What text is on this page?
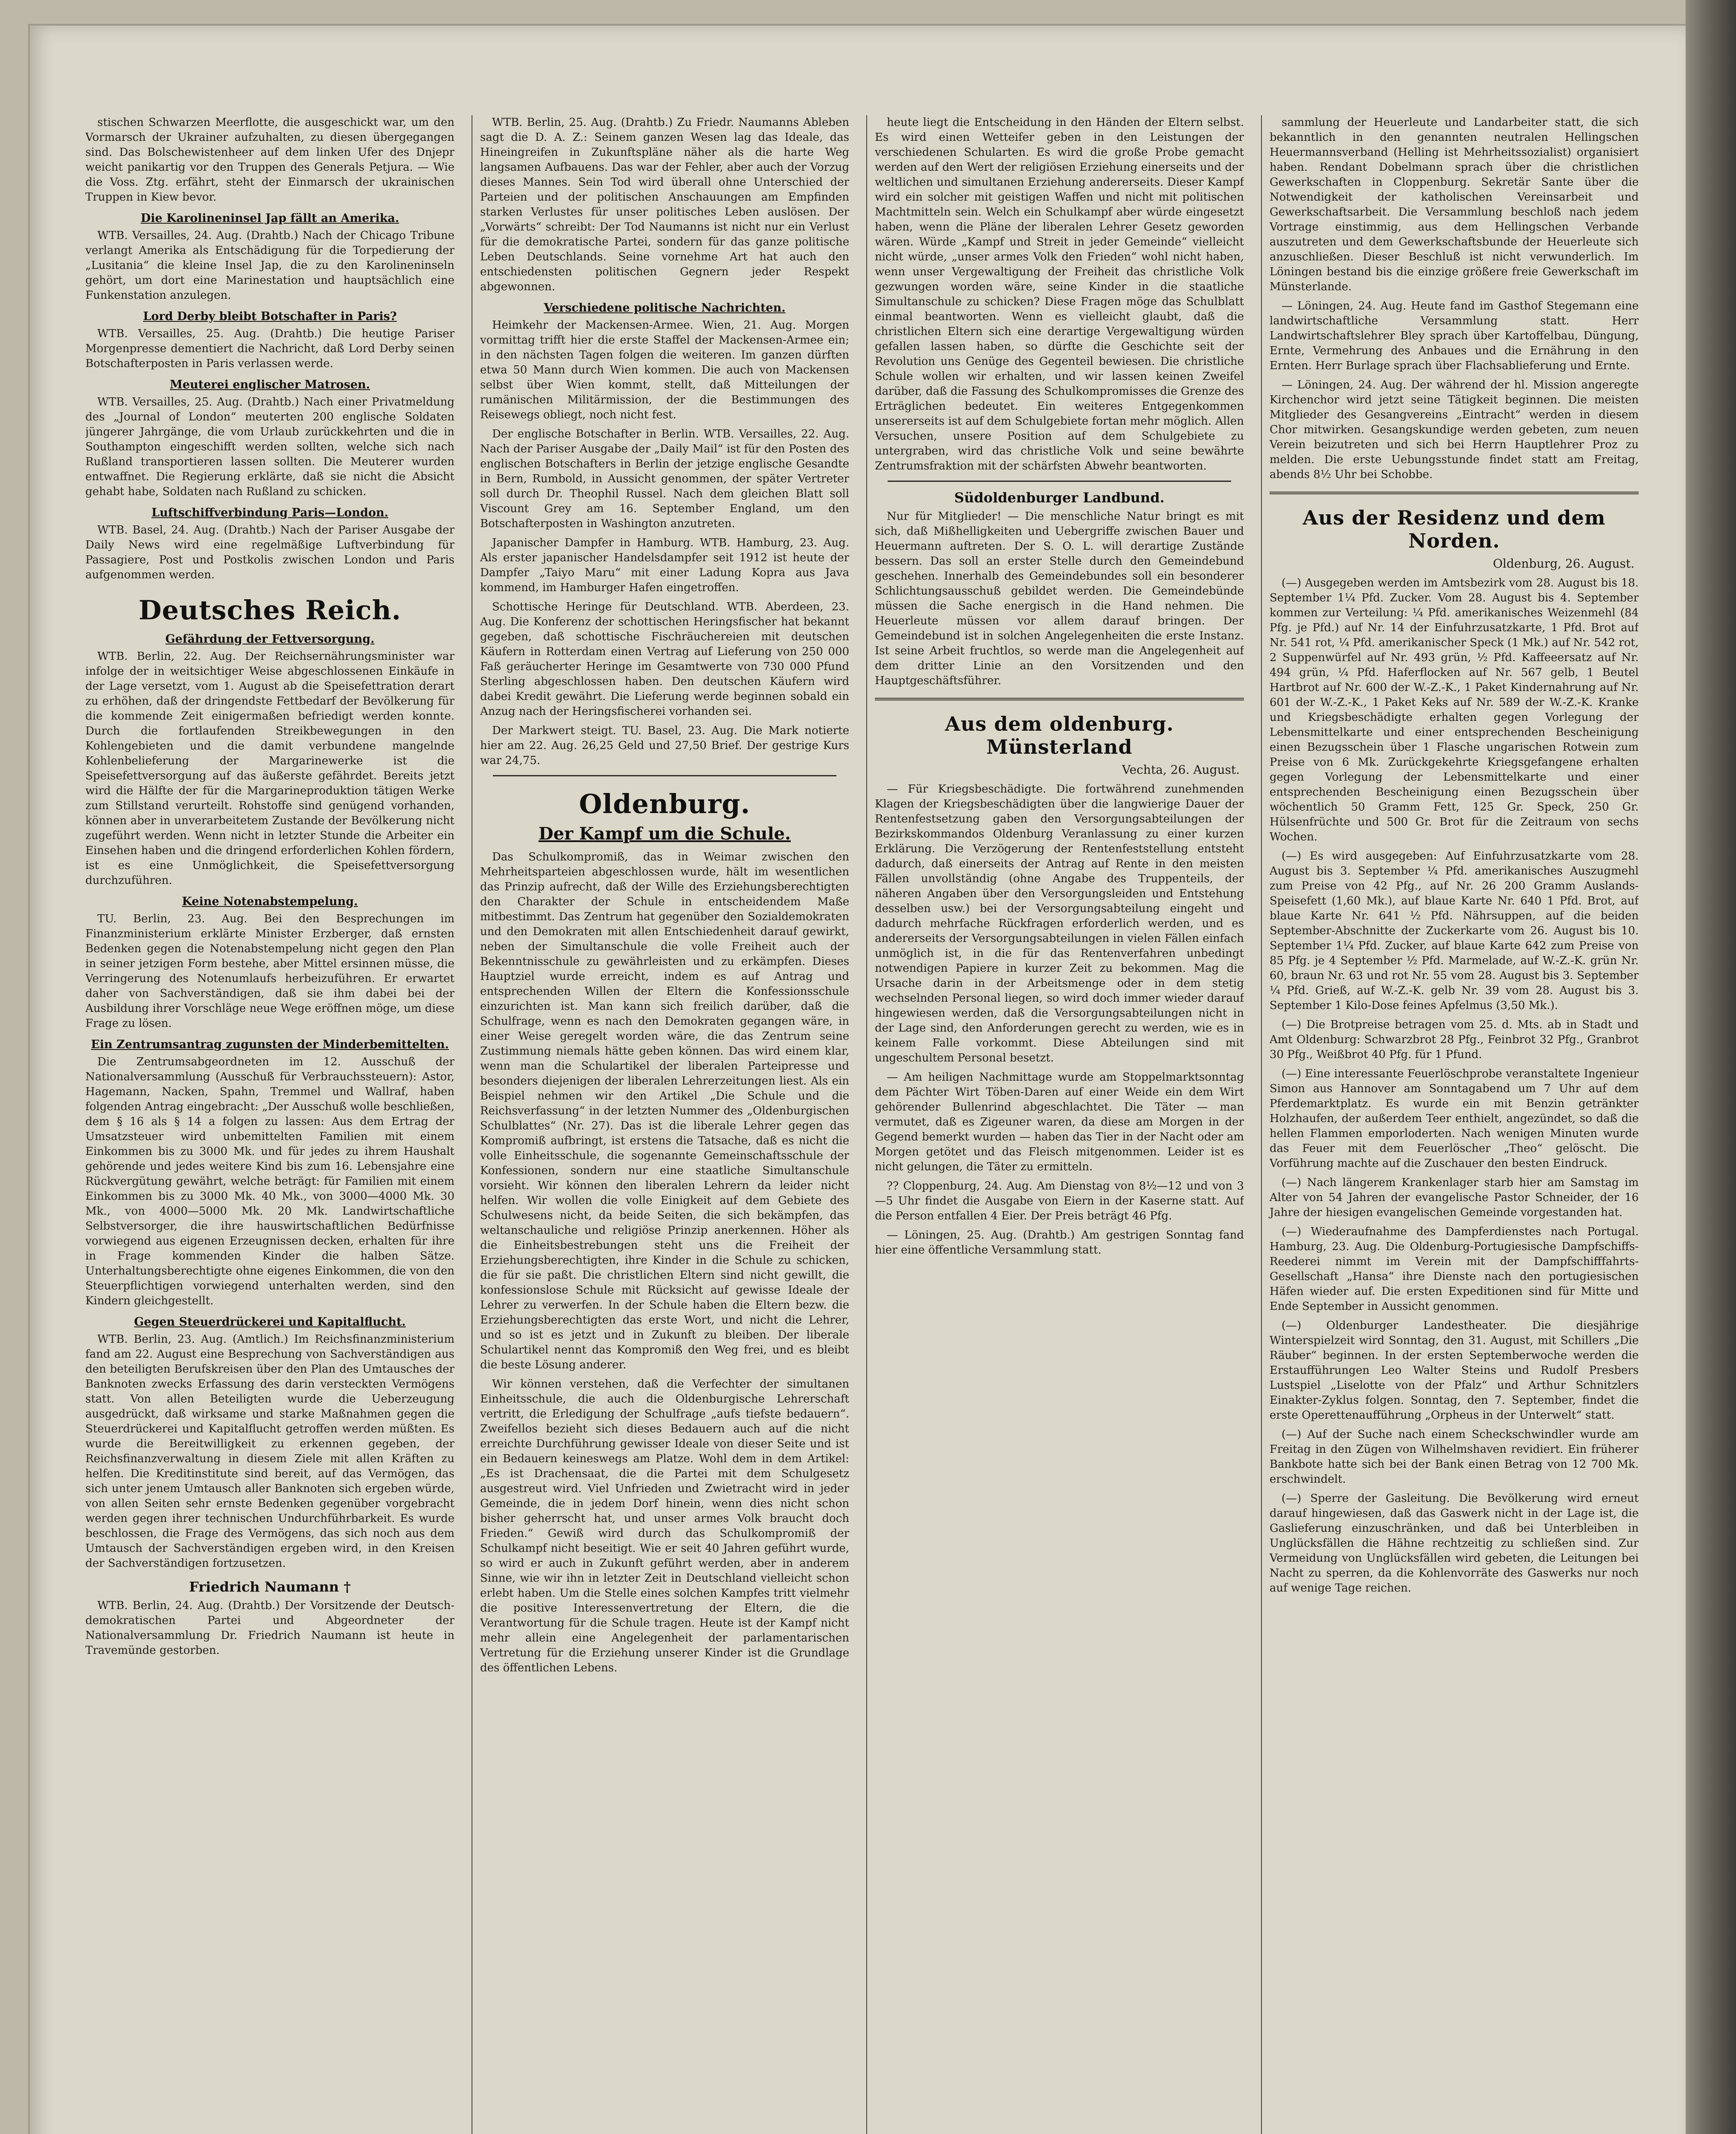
stischen Schwarzen Meerflotte, die ausgeschickt war, um den Vormarsch der Ukrainer aufzuhalten, zu diesen übergegangen sind. Das Bolschewistenheer auf dem linken Ufer des Dnjepr weicht panikartig vor den Truppen des Generals Petjura. — Wie die Voss. Ztg. erfährt, steht der Einmarsch der ukrainischen Truppen in Kiew bevor.

Die Karolineninsel Jap fällt an Amerika.

WTB. Versailles, 24. Aug. (Drahtb.) Nach der Chicago Tribune verlangt Amerika als Entschädigung für die Torpedierung der „Lusitania“ die kleine Insel Jap, die zu den Karolineninseln gehört, um dort eine Marinestation und hauptsächlich eine Funkenstation anzulegen.

Lord Derby bleibt Botschafter in Paris?

WTB. Versailles, 25. Aug. (Drahtb.) Die heutige Pariser Morgenpresse dementiert die Nachricht, daß Lord Derby seinen Botschafterposten in Paris verlassen werde.

Meuterei englischer Matrosen.

WTB. Versailles, 25. Aug. (Drahtb.) Nach einer Privatmeldung des „Journal of London“ meuterten 200 englische Soldaten jüngerer Jahrgänge, die vom Urlaub zurückkehrten und die in Southampton eingeschifft werden sollten, welche sich nach Rußland transportieren lassen sollten. Die Meuterer wurden entwaffnet. Die Regierung erklärte, daß sie nicht die Absicht gehabt habe, Soldaten nach Rußland zu schicken.

Luftschiffverbindung Paris—London.

WTB. Basel, 24. Aug. (Drahtb.) Nach der Pariser Ausgabe der Daily News wird eine regelmäßige Luftverbindung für Passagiere, Post und Postkolis zwischen London und Paris aufgenommen werden.

Deutsches Reich.
Gefährdung der Fettversorgung.

WTB. Berlin, 22. Aug. Der Reichsernährungsminister war infolge der in weitsichtiger Weise abgeschlossenen Einkäufe in der Lage versetzt, vom 1. August ab die Speisefettration derart zu erhöhen, daß der dringendste Fettbedarf der Bevölkerung für die kommende Zeit einigermaßen befriedigt werden konnte. Durch die fortlaufenden Streikbewegungen in den Kohlengebieten und die damit verbundene mangelnde Kohlenbelieferung der Margarinewerke ist die Speisefettversorgung auf das äußerste gefährdet. Bereits jetzt wird die Hälfte der für die Margarineproduktion tätigen Werke zum Stillstand verurteilt. Rohstoffe sind genügend vorhanden, können aber in unverarbeitetem Zustande der Bevölkerung nicht zugeführt werden. Wenn nicht in letzter Stunde die Arbeiter ein Einsehen haben und die dringend erforderlichen Kohlen fördern, ist es eine Unmöglichkeit, die Speisefettversorgung durchzuführen.

Keine Notenabstempelung.

TU. Berlin, 23. Aug. Bei den Besprechungen im Finanzministerium erklärte Minister Erzberger, daß ernsten Bedenken gegen die Notenabstempelung nicht gegen den Plan in seiner jetzigen Form bestehe, aber Mittel ersinnen müsse, die Verringerung des Notenumlaufs herbeizuführen. Er erwartet daher von Sachverständigen, daß sie ihm dabei bei der Ausbildung ihrer Vorschläge neue Wege eröffnen möge, um diese Frage zu lösen.

Ein Zentrumsantrag zugunsten der Minderbemittelten.

Die Zentrumsabgeordneten im 12. Ausschuß der Nationalversammlung (Ausschuß für Verbrauchssteuern): Astor, Hagemann, Nacken, Spahn, Tremmel und Wallraf, haben folgenden Antrag eingebracht: „Der Ausschuß wolle beschließen, dem § 16 als § 14 a folgen zu lassen: Aus dem Ertrag der Umsatzsteuer wird unbemittelten Familien mit einem Einkommen bis zu 3000 Mk. und für jedes zu ihrem Haushalt gehörende und jedes weitere Kind bis zum 16. Lebensjahre eine Rückvergütung gewährt, welche beträgt: für Familien mit einem Einkommen bis zu 3000 Mk. 40 Mk., von 3000—4000 Mk. 30 Mk., von 4000—5000 Mk. 20 Mk. Landwirtschaftliche Selbstversorger, die ihre hauswirtschaftlichen Bedürfnisse vorwiegend aus eigenen Erzeugnissen decken, erhalten für ihre in Frage kommenden Kinder die halben Sätze. Unterhaltungsberechtigte ohne eigenes Einkommen, die von den Steuerpflichtigen vorwiegend unterhalten werden, sind den Kindern gleichgestellt.

Gegen Steuerdrückerei und Kapitalflucht.

WTB. Berlin, 23. Aug. (Amtlich.) Im Reichsfinanzministerium fand am 22. August eine Besprechung von Sachverständigen aus den beteiligten Berufskreisen über den Plan des Umtausches der Banknoten zwecks Erfassung des darin versteckten Vermögens statt. Von allen Beteiligten wurde die Ueberzeugung ausgedrückt, daß wirksame und starke Maßnahmen gegen die Steuerdrückerei und Kapitalflucht getroffen werden müßten. Es wurde die Bereitwilligkeit zu erkennen gegeben, der Reichsfinanzverwaltung in diesem Ziele mit allen Kräften zu helfen. Die Kreditinstitute sind bereit, auf das Vermögen, das sich unter jenem Umtausch aller Banknoten sich ergeben würde, von allen Seiten sehr ernste Bedenken gegenüber vorgebracht werden gegen ihrer technischen Undurchführbarkeit. Es wurde beschlossen, die Frage des Vermögens, das sich noch aus dem Umtausch der Sachverständigen ergeben wird, in den Kreisen der Sachverständigen fortzusetzen.

Friedrich Naumann †

WTB. Berlin, 24. Aug. (Drahtb.) Der Vorsitzende der Deutsch-demokratischen Partei und Abgeordneter der Nationalversammlung Dr. Friedrich Naumann ist heute in Travemünde gestorben.

WTB. Berlin, 25. Aug. (Drahtb.) Zu Friedr. Naumanns Ableben sagt die D. A. Z.: Seinem ganzen Wesen lag das Ideale, das Hineingreifen in Zukunftspläne näher als die harte Weg langsamen Aufbauens. Das war der Fehler, aber auch der Vorzug dieses Mannes. Sein Tod wird überall ohne Unterschied der Parteien und der politischen Anschauungen am Empfinden starken Verlustes für unser politisches Leben auslösen. Der „Vorwärts“ schreibt: Der Tod Naumanns ist nicht nur ein Verlust für die demokratische Partei, sondern für das ganze politische Leben Deutschlands. Seine vornehme Art hat auch den entschiedensten politischen Gegnern jeder Respekt abgewonnen.

Verschiedene politische Nachrichten.

Heimkehr der Mackensen-Armee. Wien, 21. Aug. Morgen vormittag trifft hier die erste Staffel der Mackensen-Armee ein; in den nächsten Tagen folgen die weiteren. Im ganzen dürften etwa 50 Mann durch Wien kommen. Die auch von Mackensen selbst über Wien kommt, stellt, daß Mitteilungen der rumänischen Militärmission, der die Bestimmungen des Reisewegs obliegt, noch nicht fest.

Der englische Botschafter in Berlin. WTB. Versailles, 22. Aug. Nach der Pariser Ausgabe der „Daily Mail“ ist für den Posten des englischen Botschafters in Berlin der jetzige englische Gesandte in Bern, Rumbold, in Aussicht genommen, der später Vertreter soll durch Dr. Theophil Russel. Nach dem gleichen Blatt soll Viscount Grey am 16. September England, um den Botschafterposten in Washington anzutreten.

Japanischer Dampfer in Hamburg. WTB. Hamburg, 23. Aug. Als erster japanischer Handelsdampfer seit 1912 ist heute der Dampfer „Taiyo Maru“ mit einer Ladung Kopra aus Java kommend, im Hamburger Hafen eingetroffen.

Schottische Heringe für Deutschland. WTB. Aberdeen, 23. Aug. Die Konferenz der schottischen Heringsfischer hat bekannt gegeben, daß schottische Fischräuchereien mit deutschen Käufern in Rotterdam einen Vertrag auf Lieferung von 250 000 Faß geräucherter Heringe im Gesamtwerte von 730 000 Pfund Sterling abgeschlossen haben. Den deutschen Käufern wird dabei Kredit gewährt. Die Lieferung werde beginnen sobald ein Anzug nach der Heringsfischerei vorhanden sei.

Der Markwert steigt. TU. Basel, 23. Aug. Die Mark notierte hier am 22. Aug. 26,25 Geld und 27,50 Brief. Der gestrige Kurs war 24,75.

Oldenburg.
Der Kampf um die Schule.

Das Schulkompromiß, das in Weimar zwischen den Mehrheitsparteien abgeschlossen wurde, hält im wesentlichen das Prinzip aufrecht, daß der Wille des Erziehungsberechtigten den Charakter der Schule in entscheidendem Maße mitbestimmt. Das Zentrum hat gegenüber den Sozialdemokraten und den Demokraten mit allen Entschiedenheit darauf gewirkt, neben der Simultanschule die volle Freiheit auch der Bekenntnisschule zu gewährleisten und zu erkämpfen. Dieses Hauptziel wurde erreicht, indem es auf Antrag und entsprechenden Willen der Eltern die Konfessionsschule einzurichten ist. Man kann sich freilich darüber, daß die Schulfrage, wenn es nach den Demokraten gegangen wäre, in einer Weise geregelt worden wäre, die das Zentrum seine Zustimmung niemals hätte geben können. Das wird einem klar, wenn man die Schulartikel der liberalen Parteipresse und besonders diejenigen der liberalen Lehrerzeitungen liest. Als ein Beispiel nehmen wir den Artikel „Die Schule und die Reichsverfassung“ in der letzten Nummer des „Oldenburgischen Schulblattes“ (Nr. 27). Das ist die liberale Lehrer gegen das Kompromiß aufbringt, ist erstens die Tatsache, daß es nicht die volle Einheitsschule, die sogenannte Gemeinschaftsschule der Konfessionen, sondern nur eine staatliche Simultanschule vorsieht. Wir können den liberalen Lehrern da leider nicht helfen. Wir wollen die volle Einigkeit auf dem Gebiete des Schulwesens nicht, da beide Seiten, die sich bekämpfen, das weltanschauliche und religiöse Prinzip anerkennen. Höher als die Einheitsbestrebungen steht uns die Freiheit der Erziehungsberechtigten, ihre Kinder in die Schule zu schicken, die für sie paßt. Die christlichen Eltern sind nicht gewillt, die konfessionslose Schule mit Rücksicht auf gewisse Ideale der Lehrer zu verwerfen. In der Schule haben die Eltern bezw. die Erziehungsberechtigten das erste Wort, und nicht die Lehrer, und so ist es jetzt und in Zukunft zu bleiben. Der liberale Schulartikel nennt das Kompromiß den Weg frei, und es bleibt die beste Lösung anderer.

Wir können verstehen, daß die Verfechter der simultanen Einheitsschule, die auch die Oldenburgische Lehrerschaft vertritt, die Erledigung der Schulfrage „aufs tiefste bedauern“. Zweifellos bezieht sich dieses Bedauern auch auf die nicht erreichte Durchführung gewisser Ideale von dieser Seite und ist ein Bedauern keineswegs am Platze. Wohl dem in dem Artikel: „Es ist Drachensaat, die die Partei mit dem Schulgesetz ausgestreut wird. Viel Unfrieden und Zwietracht wird in jeder Gemeinde, die in jedem Dorf hinein, wenn dies nicht schon bisher geherrscht hat, und unser armes Volk braucht doch Frieden.“ Gewiß wird durch das Schulkompromiß der Schulkampf nicht beseitigt. Wie er seit 40 Jahren geführt wurde, so wird er auch in Zukunft geführt werden, aber in anderem Sinne, wie wir ihn in letzter Zeit in Deutschland vielleicht schon erlebt haben. Um die Stelle eines solchen Kampfes tritt vielmehr die positive Interessenvertretung der Eltern, die die Verantwortung für die Schule tragen. Heute ist der Kampf nicht mehr allein eine Angelegenheit der parlamentarischen Vertretung für die Erziehung unserer Kinder ist die Grundlage des öffentlichen Lebens.

heute liegt die Entscheidung in den Händen der Eltern selbst. Es wird einen Wetteifer geben in den Leistungen der verschiedenen Schularten. Es wird die große Probe gemacht werden auf den Wert der religiösen Erziehung einerseits und der weltlichen und simultanen Erziehung andererseits. Dieser Kampf wird ein solcher mit geistigen Waffen und nicht mit politischen Machtmitteln sein. Welch ein Schulkampf aber würde eingesetzt haben, wenn die Pläne der liberalen Lehrer Gesetz geworden wären. Würde „Kampf und Streit in jeder Gemeinde“ vielleicht nicht würde, „unser armes Volk den Frieden“ wohl nicht haben, wenn unser Vergewaltigung der Freiheit das christliche Volk gezwungen worden wäre, seine Kinder in die staatliche Simultanschule zu schicken? Diese Fragen möge das Schulblatt einmal beantworten. Wenn es vielleicht glaubt, daß die christlichen Eltern sich eine derartige Vergewaltigung würden gefallen lassen haben, so dürfte die Geschichte seit der Revolution uns Genüge des Gegenteil bewiesen. Die christliche Schule wollen wir erhalten, und wir lassen keinen Zweifel darüber, daß die Fassung des Schulkompromisses die Grenze des Erträglichen bedeutet. Ein weiteres Entgegenkommen unsererseits ist auf dem Schulgebiete fortan mehr möglich. Allen Versuchen, unsere Position auf dem Schulgebiete zu untergraben, wird das christliche Volk und seine bewährte Zentrumsfraktion mit der schärfsten Abwehr beantworten.

Südoldenburger Landbund.

Nur für Mitglieder! — Die menschliche Natur bringt es mit sich, daß Mißhelligkeiten und Uebergriffe zwischen Bauer und Heuermann auftreten. Der S. O. L. will derartige Zustände bessern. Das soll an erster Stelle durch den Gemeindebund geschehen. Innerhalb des Gemeindebundes soll ein besonderer Schlichtungsausschuß gebildet werden. Die Gemeindebünde müssen die Sache energisch in die Hand nehmen. Die Heuerleute müssen vor allem darauf bringen. Der Gemeindebund ist in solchen Angelegenheiten die erste Instanz. Ist seine Arbeit fruchtlos, so werde man die Angelegenheit auf dem dritter Linie an den Vorsitzenden und den Hauptgeschäftsführer.

Aus dem oldenburg. Münsterland
Vechta, 26. August.

— Für Kriegsbeschädigte. Die fortwährend zunehmenden Klagen der Kriegsbeschädigten über die langwierige Dauer der Rentenfestsetzung gaben den Versorgungsabteilungen der Bezirkskommandos Oldenburg Veranlassung zu einer kurzen Erklärung. Die Verzögerung der Rentenfeststellung entsteht dadurch, daß einerseits der Antrag auf Rente in den meisten Fällen unvollständig (ohne Angabe des Truppenteils, der näheren Angaben über den Versorgungsleiden und Entstehung desselben usw.) bei der Versorgungsabteilung eingeht und dadurch mehrfache Rückfragen erforderlich werden, und es andererseits der Versorgungsabteilungen in vielen Fällen einfach unmöglich ist, in die für das Rentenverfahren unbedingt notwendigen Papiere in kurzer Zeit zu bekommen. Mag die Ursache darin in der Arbeitsmenge oder in dem stetig wechselnden Personal liegen, so wird doch immer wieder darauf hingewiesen werden, daß die Versorgungsabteilungen nicht in der Lage sind, den Anforderungen gerecht zu werden, wie es in keinem Falle vorkommt. Diese Abteilungen sind mit ungeschultem Personal besetzt.

— Am heiligen Nachmittage wurde am Stoppelmarktsonntag dem Pächter Wirt Töben-Daren auf einer Weide ein dem Wirt gehörender Bullenrind abgeschlachtet. Die Täter — man vermutet, daß es Zigeuner waren, da diese am Morgen in der Gegend bemerkt wurden — haben das Tier in der Nacht oder am Morgen getötet und das Fleisch mitgenommen. Leider ist es nicht gelungen, die Täter zu ermitteln.

?? Cloppenburg, 24. Aug. Am Dienstag von 8½—12 und von 3—5 Uhr findet die Ausgabe von Eiern in der Kaserne statt. Auf die Person entfallen 4 Eier. Der Preis beträgt 46 Pfg.

— Löningen, 25. Aug. (Drahtb.) Am gestrigen Sonntag fand hier eine öffentliche Versammlung statt.

sammlung der Heuerleute und Landarbeiter statt, die sich bekanntlich in den genannten neutralen Hellingschen Heuermannsverband (Helling ist Mehrheitssozialist) organisiert haben. Rendant Dobelmann sprach über die christlichen Gewerkschaften in Cloppenburg. Sekretär Sante über die Notwendigkeit der katholischen Vereinsarbeit und Gewerkschaftsarbeit. Die Versammlung beschloß nach jedem Vortrage einstimmig, aus dem Hellingschen Verbande auszutreten und dem Gewerkschaftsbunde der Heuerleute sich anzuschließen. Dieser Beschluß ist nicht verwunderlich. Im Löningen bestand bis die einzige größere freie Gewerkschaft im Münsterlande.

— Löningen, 24. Aug. Heute fand im Gasthof Stegemann eine landwirtschaftliche Versammlung statt. Herr Landwirtschaftslehrer Bley sprach über Kartoffelbau, Düngung, Ernte, Vermehrung des Anbaues und die Ernährung in den Ernten. Herr Burlage sprach über Flachsablieferung und Ernte.

— Löningen, 24. Aug. Der während der hl. Mission angeregte Kirchenchor wird jetzt seine Tätigkeit beginnen. Die meisten Mitglieder des Gesangvereins „Eintracht“ werden in diesem Chor mitwirken. Gesangskundige werden gebeten, zum neuen Verein beizutreten und sich bei Herrn Hauptlehrer Proz zu melden. Die erste Uebungsstunde findet statt am Freitag, abends 8½ Uhr bei Schobbe.

Aus der Residenz und dem Norden.
Oldenburg, 26. August.

(—) Ausgegeben werden im Amtsbezirk vom 28. August bis 18. September 1¼ Pfd. Zucker. Vom 28. August bis 4. September kommen zur Verteilung: ¼ Pfd. amerikanisches Weizenmehl (84 Pfg. je Pfd.) auf Nr. 14 der Einfuhrzusatzkarte, 1 Pfd. Brot auf Nr. 541 rot, ¼ Pfd. amerikanischer Speck (1 Mk.) auf Nr. 542 rot, 2 Suppenwürfel auf Nr. 493 grün, ½ Pfd. Kaffeeersatz auf Nr. 494 grün, ¼ Pfd. Haferflocken auf Nr. 567 gelb, 1 Beutel Hartbrot auf Nr. 600 der W.-Z.-K., 1 Paket Kindernahrung auf Nr. 601 der W.-Z.-K., 1 Paket Keks auf Nr. 589 der W.-Z.-K. Kranke und Kriegsbeschädigte erhalten gegen Vorlegung der Lebensmittelkarte und einer entsprechenden Bescheinigung einen Bezugsschein über 1 Flasche ungarischen Rotwein zum Preise von 6 Mk. Zurückgekehrte Kriegsgefangene erhalten gegen Vorlegung der Lebensmittelkarte und einer entsprechenden Bescheinigung einen Bezugsschein über wöchentlich 50 Gramm Fett, 125 Gr. Speck, 250 Gr. Hülsenfrüchte und 500 Gr. Brot für die Zeitraum von sechs Wochen.

(—) Es wird ausgegeben: Auf Einfuhrzusatzkarte vom 28. August bis 3. September ¼ Pfd. amerikanisches Auszugmehl zum Preise von 42 Pfg., auf Nr. 26 200 Gramm Auslands-Speisefett (1,60 Mk.), auf blaue Karte Nr. 640 1 Pfd. Brot, auf blaue Karte Nr. 641 ½ Pfd. Nährsuppen, auf die beiden September-Abschnitte der Zuckerkarte vom 26. August bis 10. September 1¼ Pfd. Zucker, auf blaue Karte 642 zum Preise von 85 Pfg. je 4 September ½ Pfd. Marmelade, auf W.-Z.-K. grün Nr. 60, braun Nr. 63 und rot Nr. 55 vom 28. August bis 3. September ¼ Pfd. Grieß, auf W.-Z.-K. gelb Nr. 39 vom 28. August bis 3. September 1 Kilo-Dose feines Apfelmus (3,50 Mk.).

(—) Die Brotpreise betragen vom 25. d. Mts. ab in Stadt und Amt Oldenburg: Schwarzbrot 28 Pfg., Feinbrot 32 Pfg., Granbrot 30 Pfg., Weißbrot 40 Pfg. für 1 Pfund.

(—) Eine interessante Feuerlöschprobe veranstaltete Ingenieur Simon aus Hannover am Sonntagabend um 7 Uhr auf dem Pferdemarktplatz. Es wurde ein mit Benzin getränkter Holzhaufen, der außerdem Teer enthielt, angezündet, so daß die hellen Flammen emporloderten. Nach wenigen Minuten wurde das Feuer mit dem Feuerlöscher „Theo“ gelöscht. Die Vorführung machte auf die Zuschauer den besten Eindruck.

(—) Nach längerem Krankenlager starb hier am Samstag im Alter von 54 Jahren der evangelische Pastor Schneider, der 16 Jahre der hiesigen evangelischen Gemeinde vorgestanden hat.

(—) Wiederaufnahme des Dampferdienstes nach Portugal. Hamburg, 23. Aug. Die Oldenburg-Portugiesische Dampfschiffs-Reederei nimmt im Verein mit der Dampfschifffahrts-Gesellschaft „Hansa“ ihre Dienste nach den portugiesischen Häfen wieder auf. Die ersten Expeditionen sind für Mitte und Ende September in Aussicht genommen.

(—) Oldenburger Landestheater. Die diesjährige Winterspielzeit wird Sonntag, den 31. August, mit Schillers „Die Räuber“ beginnen. In der ersten Septemberwoche werden die Erstaufführungen Leo Walter Steins und Rudolf Presbers Lustspiel „Liselotte von der Pfalz“ und Arthur Schnitzlers Einakter-Zyklus folgen. Sonntag, den 7. September, findet die erste Operettenaufführung „Orpheus in der Unterwelt“ statt.

(—) Auf der Suche nach einem Scheckschwindler wurde am Freitag in den Zügen von Wilhelmshaven revidiert. Ein früherer Bankbote hatte sich bei der Bank einen Betrag von 12 700 Mk. erschwindelt.

(—) Sperre der Gasleitung. Die Bevölkerung wird erneut darauf hingewiesen, daß das Gaswerk nicht in der Lage ist, die Gaslieferung einzuschränken, und daß bei Unterbleiben in Unglücksfällen die Hähne rechtzeitig zu schließen sind. Zur Vermeidung von Unglücksfällen wird gebeten, die Leitungen bei Nacht zu sperren, da die Kohlenvorräte des Gaswerks nur noch auf wenige Tage reichen.
